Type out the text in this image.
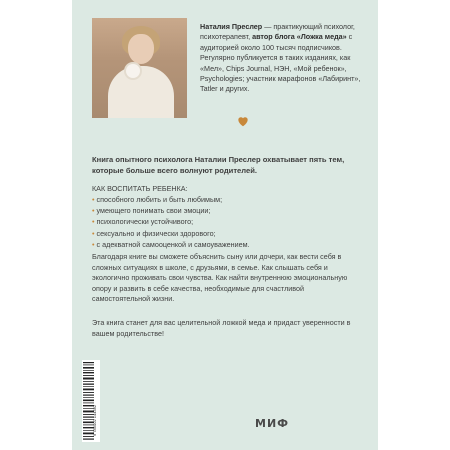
Наталия Преслер — практикующий психолог, психотерапевт, автор блога «Ложка меда» с аудиторией около 100 тысяч подписчиков. Регулярно публикуется в таких изданиях, как «Мел», Chips Journal, НЭН, «Мой ребенок», Psychologies; участник марафонов «Лабиринт», Tatler и других.
Книга опытного психолога Наталии Преслер охватывает пять тем, которые больше всего волнуют родителей.
КАК ВОСПИТАТЬ РЕБЕНКА:
• способного любить и быть любимым;
• умеющего понимать свои эмоции;
• психологически устойчивого;
• сексуально и физически здорового;
• с адекватной самооценкой и самоуважением.
Благодаря книге вы сможете объяснить сыну или дочери, как вести себя в сложных ситуациях в школе, с друзьями, в семье. Как слышать себя и экологично проживать свои чувства. Как найти внутреннюю эмоциональную опору и развить в себе качества, необходимые для счастливой самостоятельной жизни.
Эта книга станет для вас целительной ложкой меда и придаст уверенности в вашем родительстве!
9 785002 144462	МИФ
